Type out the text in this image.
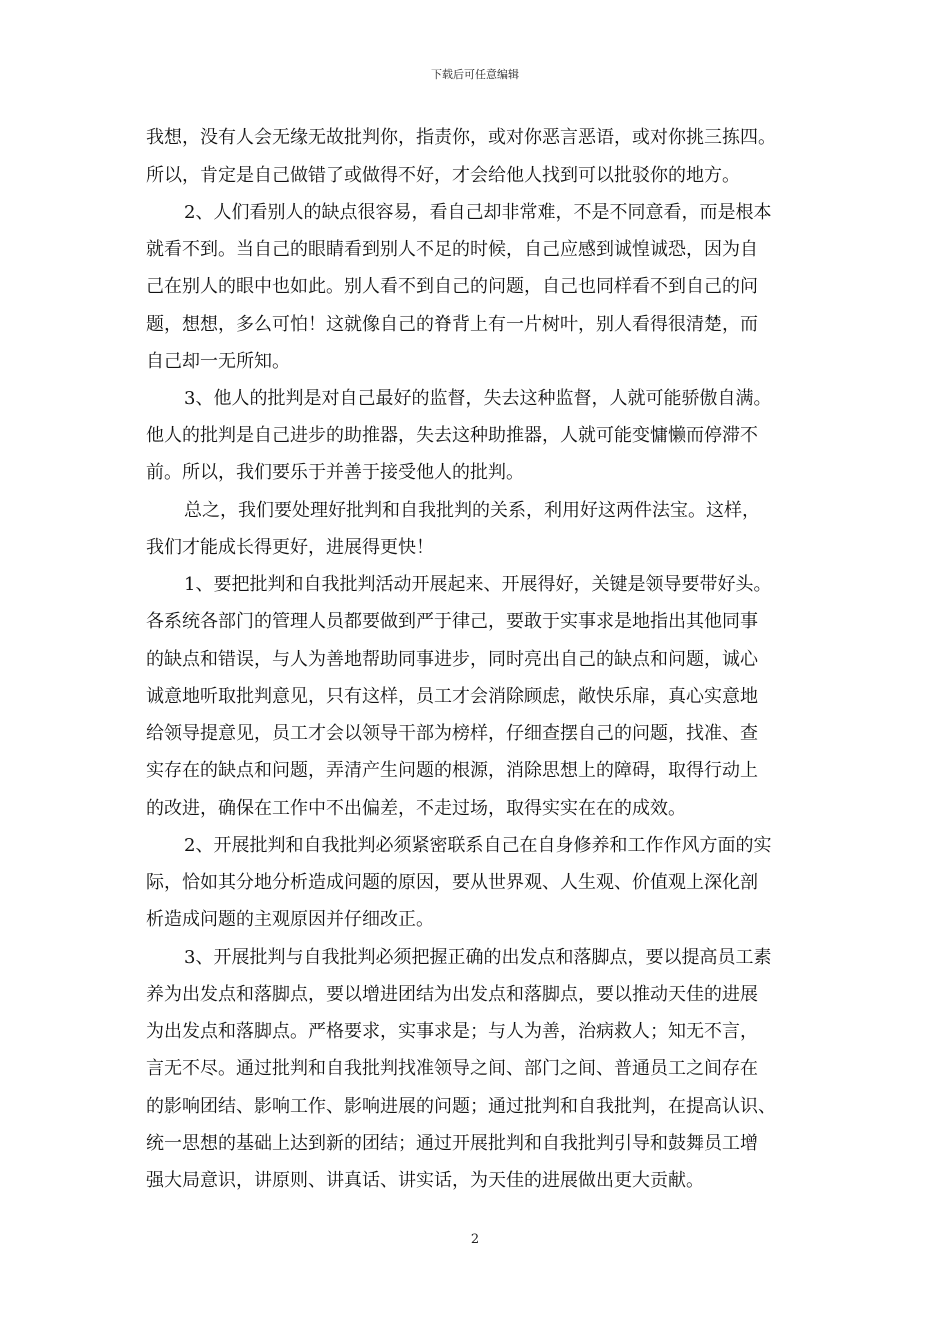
下载后可任意编辑
我想，没有人会无缘无故批判你，指责你，或对你恶言恶语，或对你挑三拣四。
所以，肯定是自己做错了或做得不好，才会给他人找到可以批驳你的地方。
2、人们看别人的缺点很容易，看自己却非常难，不是不同意看，而是根本
就看不到。当自己的眼睛看到别人不足的时候，自己应感到诚惶诚恐，因为自
己在别人的眼中也如此。别人看不到自己的问题，自己也同样看不到自己的问
题，想想，多么可怕！这就像自己的脊背上有一片树叶，别人看得很清楚，而
自己却一无所知。
3、他人的批判是对自己最好的监督，失去这种监督，人就可能骄傲自满。
他人的批判是自己进步的助推器，失去这种助推器，人就可能变慵懒而停滞不
前。所以，我们要乐于并善于接受他人的批判。
总之，我们要处理好批判和自我批判的关系，利用好这两件法宝。这样，
我们才能成长得更好，进展得更快！
1、要把批判和自我批判活动开展起来、开展得好，关键是领导要带好头。
各系统各部门的管理人员都要做到严于律己，要敢于实事求是地指出其他同事
的缺点和错误，与人为善地帮助同事进步，同时亮出自己的缺点和问题，诚心
诚意地听取批判意见，只有这样，员工才会消除顾虑，敞快乐扉，真心实意地
给领导提意见，员工才会以领导干部为榜样，仔细查摆自己的问题，找准、查
实存在的缺点和问题，弄清产生问题的根源，消除思想上的障碍，取得行动上
的改进，确保在工作中不出偏差，不走过场，取得实实在在的成效。
2、开展批判和自我批判必须紧密联系自己在自身修养和工作作风方面的实
际，恰如其分地分析造成问题的原因，要从世界观、人生观、价值观上深化剖
析造成问题的主观原因并仔细改正。
3、开展批判与自我批判必须把握正确的出发点和落脚点，要以提高员工素
养为出发点和落脚点，要以增进团结为出发点和落脚点，要以推动天佳的进展
为出发点和落脚点。严格要求，实事求是；与人为善，治病救人；知无不言，
言无不尽。通过批判和自我批判找准领导之间、部门之间、普通员工之间存在
的影响团结、影响工作、影响进展的问题；通过批判和自我批判，在提高认识、
统一思想的基础上达到新的团结；通过开展批判和自我批判引导和鼓舞员工增
强大局意识，讲原则、讲真话、讲实话，为天佳的进展做出更大贡献。
2
